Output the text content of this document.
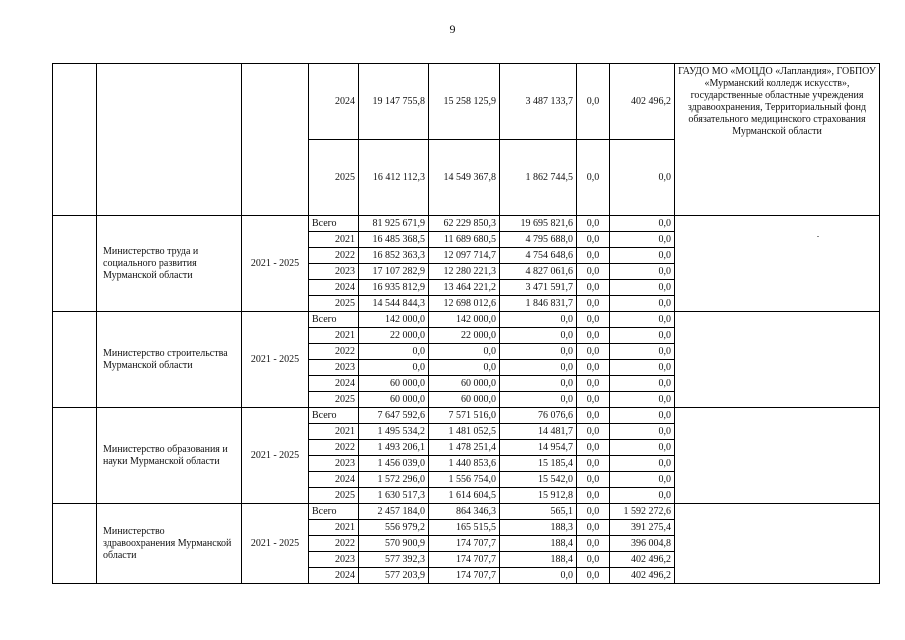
9
			2024	19 147 755,8	15 258 125,9	3 487 133,7	0,0	402 496,2	ГАУДО МО «МОЦДО «Лапландия», ГОБПОУ «Мурманский колледж искусств», государственные областные учреждения здравоохранения, Территориальный фонд обязательного медицинского страхования Мурманской области
			2025	16 412 112,3	14 549 367,8	1 862 744,5	0,0	0,0	
	Министерство труда и социального развития Мурманской области	2021 - 2025	Всего	81 925 671,9	62 229 850,3	19 695 821,6	0,0	0,0	
			2021	16 485 368,5	11 689 680,5	4 795 688,0	0,0	0,0	
			2022	16 852 363,3	12 097 714,7	4 754 648,6	0,0	0,0	
			2023	17 107 282,9	12 280 221,3	4 827 061,6	0,0	0,0	
			2024	16 935 812,9	13 464 221,2	3 471 591,7	0,0	0,0	
			2025	14 544 844,3	12 698 012,6	1 846 831,7	0,0	0,0	
	Министерство строительства Мурманской области	2021 - 2025	Всего	142 000,0	142 000,0	0,0	0,0	0,0	
			2021	22 000,0	22 000,0	0,0	0,0	0,0	
			2022	0,0	0,0	0,0	0,0	0,0	
			2023	0,0	0,0	0,0	0,0	0,0	
			2024	60 000,0	60 000,0	0,0	0,0	0,0	
			2025	60 000,0	60 000,0	0,0	0,0	0,0	
	Министерство образования и науки Мурманской области	2021 - 2025	Всего	7 647 592,6	7 571 516,0	76 076,6	0,0	0,0	
			2021	1 495 534,2	1 481 052,5	14 481,7	0,0	0,0	
			2022	1 493 206,1	1 478 251,4	14 954,7	0,0	0,0	
			2023	1 456 039,0	1 440 853,6	15 185,4	0,0	0,0	
			2024	1 572 296,0	1 556 754,0	15 542,0	0,0	0,0	
			2025	1 630 517,3	1 614 604,5	15 912,8	0,0	0,0	
	Министерство здравоохранения Мурманской области	2021 - 2025	Всего	2 457 184,0	864 346,3	565,1	0,0	1 592 272,6	
			2021	556 979,2	165 515,5	188,3	0,0	391 275,4	
			2022	570 900,9	174 707,7	188,4	0,0	396 004,8	
			2023	577 392,3	174 707,7	188,4	0,0	402 496,2	
			2024	577 203,9	174 707,7	0,0	0,0	402 496,2	
